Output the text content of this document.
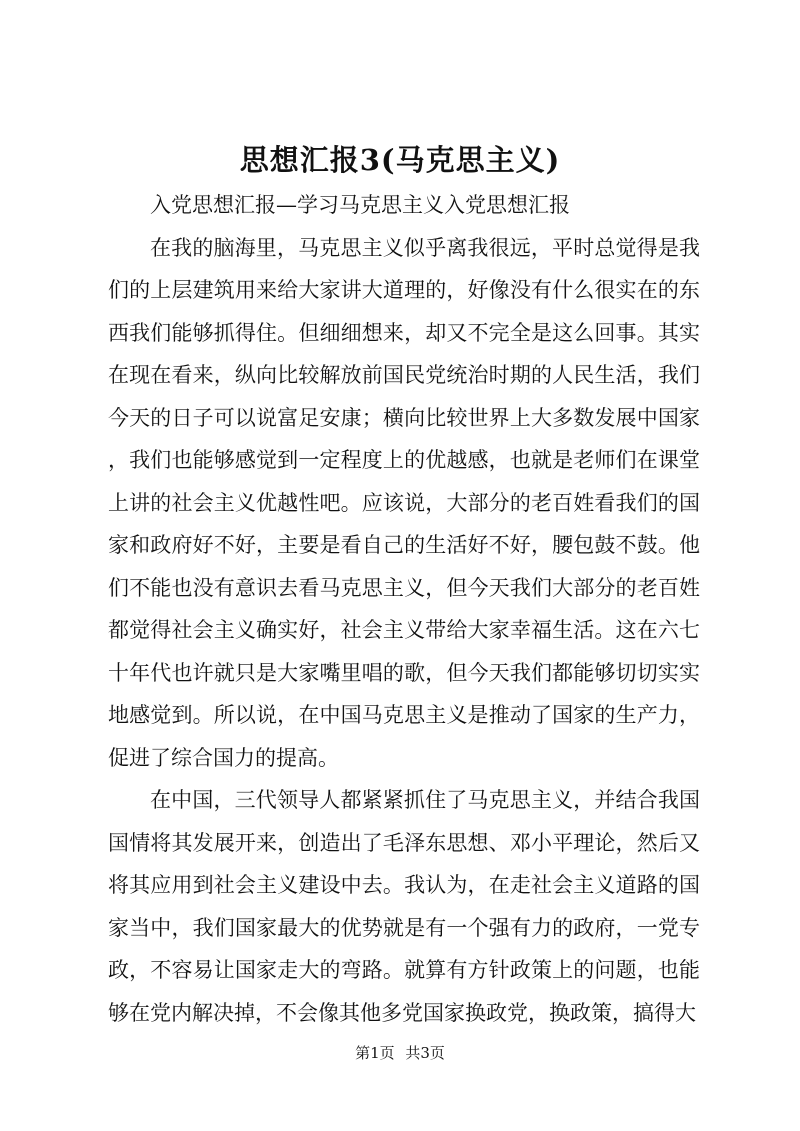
思想汇报3(马克思主义)

入党思想汇报—学习马克思主义入党思想汇报

在我的脑海里，马克思主义似乎离我很远，平时总觉得是我们的上层建筑用来给大家讲大道理的，好像没有什么很实在的东西我们能够抓得住。但细细想来，却又不完全是这么回事。其实在现在看来，纵向比较解放前国民党统治时期的人民生活，我们今天的日子可以说富足安康；横向比较世界上大多数发展中国家，我们也能够感觉到一定程度上的优越感，也就是老师们在课堂上讲的社会主义优越性吧。应该说，大部分的老百姓看我们的国家和政府好不好，主要是看自己的生活好不好，腰包鼓不鼓。他们不能也没有意识去看马克思主义，但今天我们大部分的老百姓都觉得社会主义确实好，社会主义带给大家幸福生活。这在六七十年代也许就只是大家嘴里唱的歌，但今天我们都能够切切实实地感觉到。所以说，在中国马克思主义是推动了国家的生产力，促进了综合国力的提高。

在中国，三代领导人都紧紧抓住了马克思主义，并结合我国国情将其发展开来，创造出了毛泽东思想、邓小平理论，然后又将其应用到社会主义建设中去。我认为，在走社会主义道路的国家当中，我们国家最大的优势就是有一个强有力的政府，一党专政，不容易让国家走大的弯路。就算有方针政策上的问题，也能够在党内解决掉，不会像其他多党国家换政党，换政策，搞得大

第1页 共3页
